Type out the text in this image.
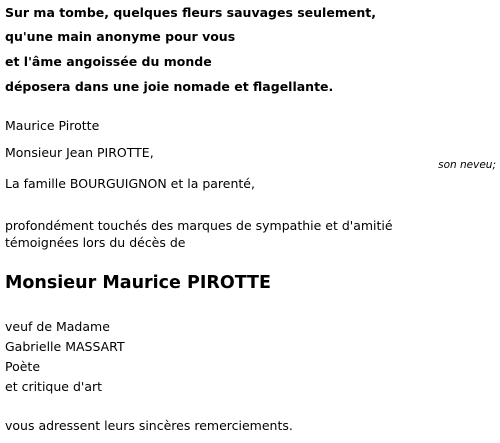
Sur ma tombe, quelques fleurs sauvages seulement,
qu'une main anonyme pour vous
et l'âme angoissée du monde
déposera dans une joie nomade et flagellante.
Maurice Pirotte
Monsieur Jean PIROTTE,
son neveu;
La famille BOURGUIGNON et la parenté,
profondément touchés des marques de sympathie et d'amitié
témoignées lors du décès de
Monsieur Maurice PIROTTE
veuf de Madame
Gabrielle MASSART
Poète
et critique d'art
vous adressent leurs sincères remerciements.
